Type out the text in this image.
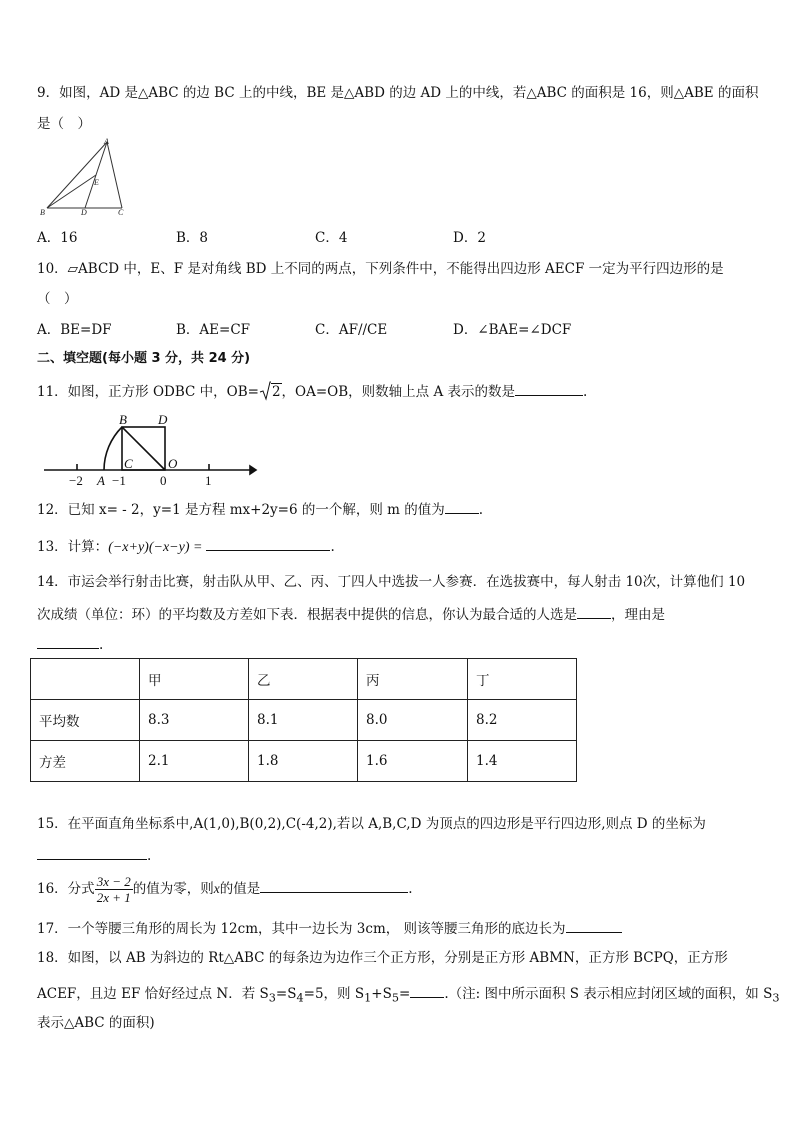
9．如图，AD 是△ABC 的边 BC 上的中线，BE 是△ABD 的边 AD 上的中线，若△ABC 的面积是 16，则△ABE 的面积
是（　）
A
E
B	D	C
A．16	B．8	C．4	D．2
10．▱ABCD 中，E、F 是对角线 BD 上不同的两点，下列条件中，不能得出四边形 AECF 一定为平行四边形的是
（　）
A．BE=DF	B．AE=CF	C．AF//CE	D．∠BAE=∠DCF
二、填空题(每小题 3 分，共 24 分)
11．如图，正方形 ODBC 中，OB= 2，OA=OB，则数轴上点 A 表示的数是	.
B D
C	O
−2 A −1	0	1
12．已知 x= - 2，y=1 是方程 mx+2y=6 的一个解，则 m 的值为	.
13．计算：(−x+y)(−x−y) =	.
14．市运会举行射击比赛，射击队从甲、乙、丙、丁四人中选拔一人参赛．在选拔赛中，每人射击 10次，计算他们 10
次成绩（单位：环）的平均数及方差如下表．根据表中提供的信息，你认为最合适的人选是	，理由是
.
	甲	乙	丙	丁
平均数	8.3	8.1	8.0	8.2
方差	2.1	1.8	1.6	1.4
15．在平面直角坐标系中,A(1,0),B(0,2),C(-4,2),若以 A,B,C,D 为顶点的四边形是平行四边形,则点 D 的坐标为
.
16．分式 $\frac{3x - 2}{2x + 1}$ 的值为零，则x的值是	.
17．一个等腰三角形的周长为 12cm，其中一边长为 3cm， 则该等腰三角形的底边长为
18．如图，以 AB 为斜边的 Rt△ABC 的每条边为边作三个正方形，分别是正方形 ABMN，正方形 BCPQ，正方形
ACEF，且边 EF 恰好经过点 N．若 $S_3=S_4=5$，则 $S_1+S_5=$	.（注: 图中所示面积 S 表示相应封闭区域的面积，如 $S_3$
表示△ABC 的面积)
